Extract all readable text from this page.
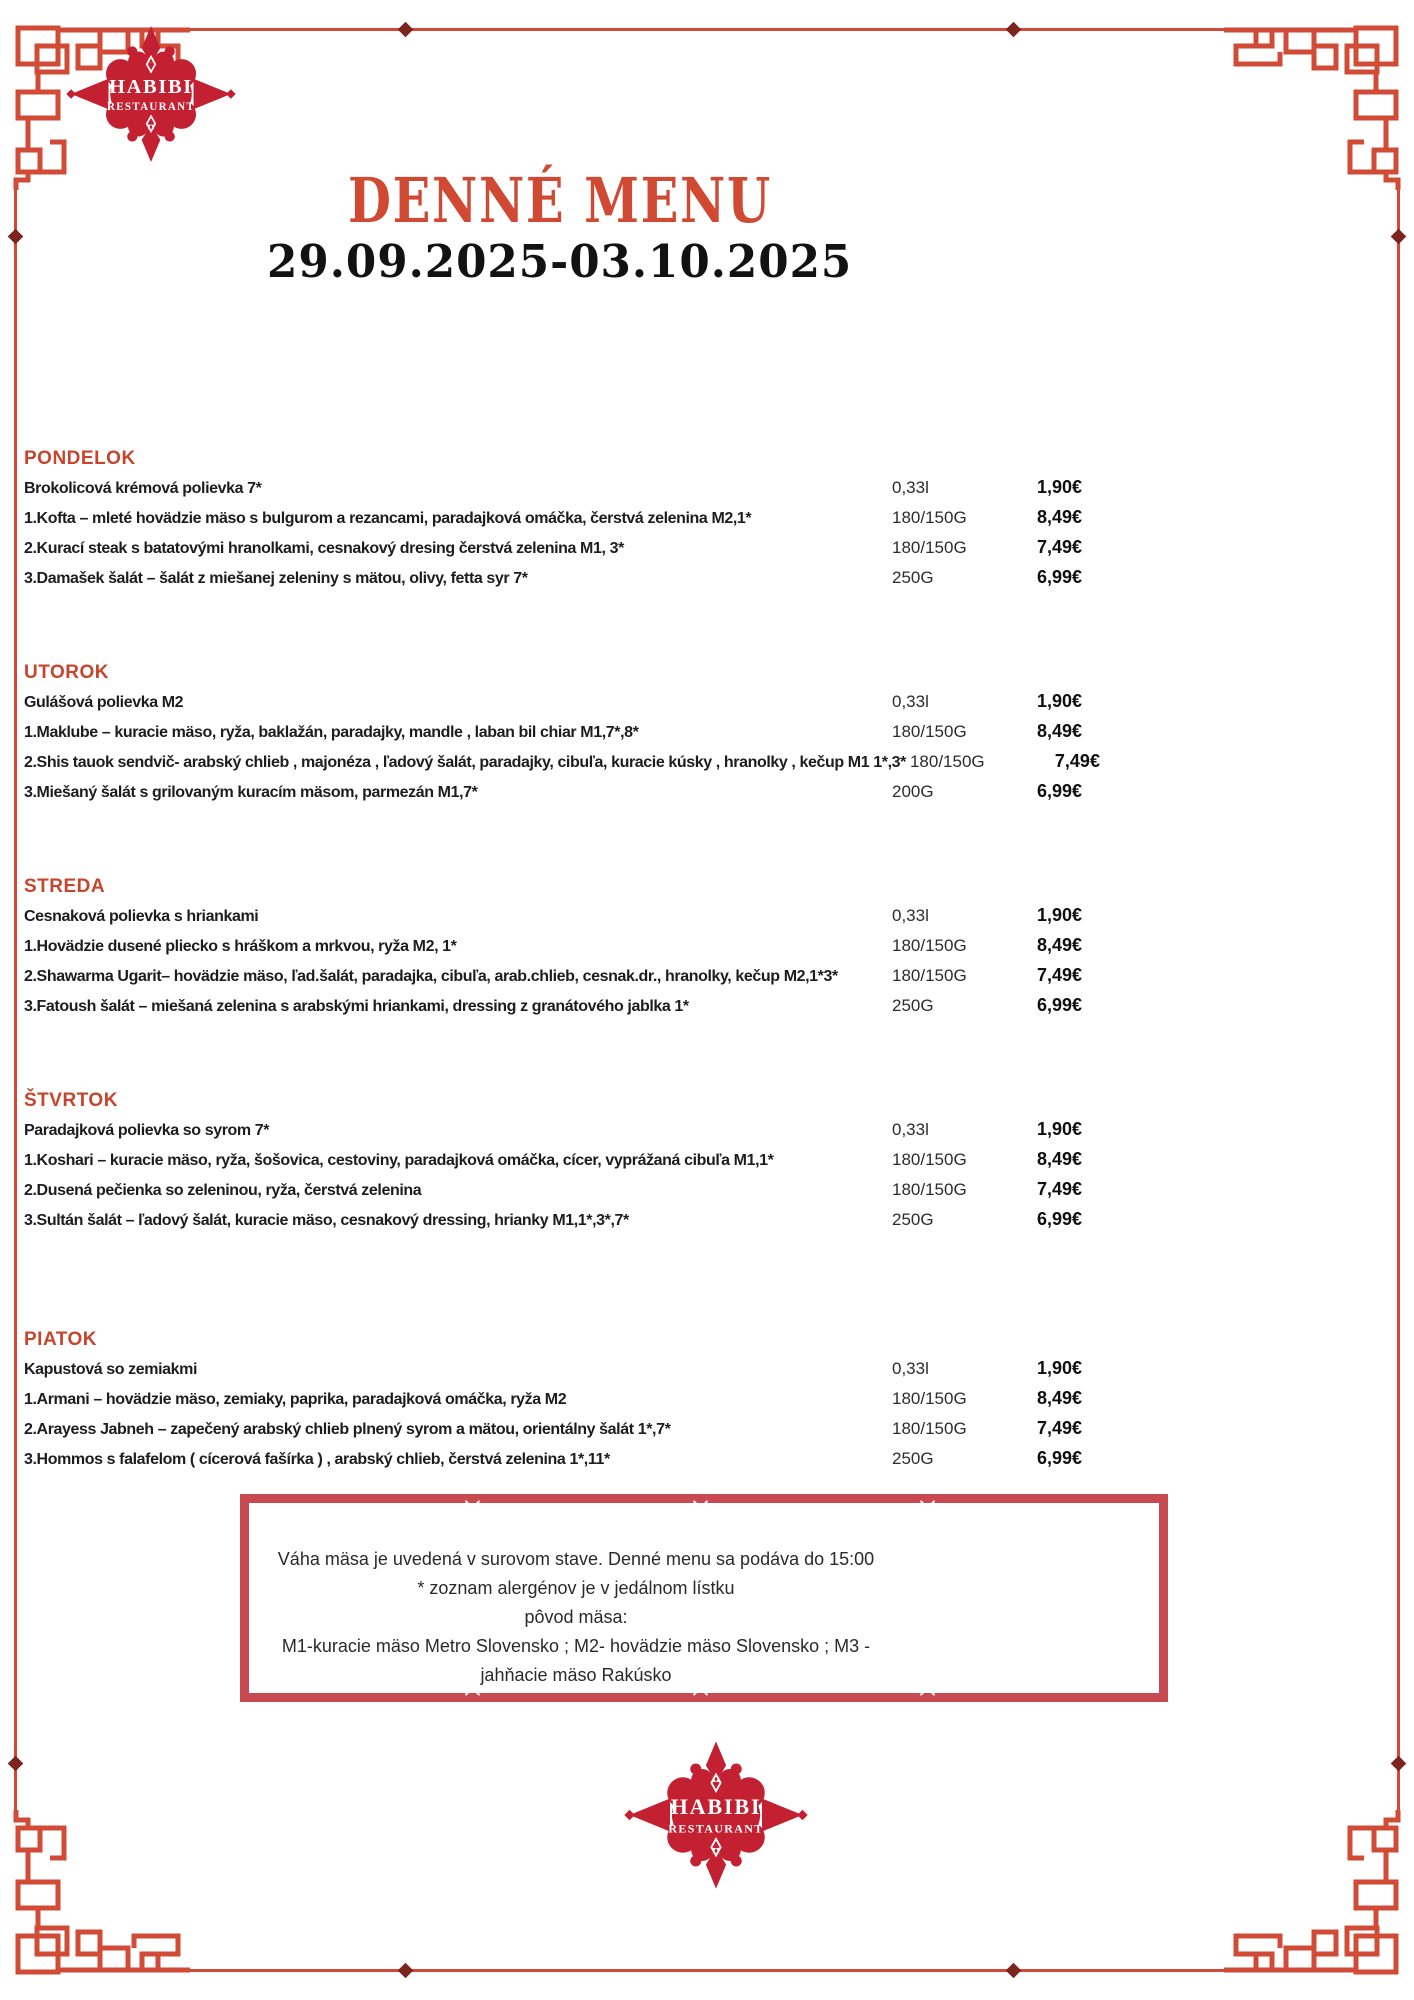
HABIBI
RESTAURANT
DENNÉ MENU
29.09.2025-03.10.2025
PONDELOK
Brokolicová krémová polievka 7*	0,33l	1,90€
1.Kofta – mleté hovädzie mäso s bulgurom a rezancami, paradajková omáčka, čerstvá zelenina M2,1*	180/150G	8,49€
2.Kurací steak s batatovými hranolkami, cesnakový dresing čerstvá zelenina M1, 3*	180/150G	7,49€
3.Damašek šalát – šalát z miešanej zeleniny s mätou, olivy, fetta syr 7*	250G	6,99€
UTOROK
Gulášová polievka M2	0,33l	1,90€
1.Maklube – kuracie mäso, ryža, baklažán, paradajky, mandle , laban bil chiar M1,7*,8*	180/150G	8,49€
2.Shis tauok sendvič- arabský chlieb , majonéza , ľadový šalát, paradajky, cibuľa, kuracie kúsky , hranolky , kečup M1 1*,3* 180/150G	7,49€
3.Miešaný šalát s grilovaným kuracím mäsom, parmezán M1,7*	200G	6,99€
STREDA
Cesnaková polievka s hriankami	0,33l	1,90€
1.Hovädzie dusené pliecko s hráškom a mrkvou, ryža M2, 1*	180/150G	8,49€
2.Shawarma Ugarit– hovädzie mäso, ľad.šalát, paradajka, cibuľa, arab.chlieb, cesnak.dr., hranolky, kečup M2,1*3*	180/150G	7,49€
3.Fatoush šalát – miešaná zelenina s arabskými hriankami, dressing z granátového jablka 1*	250G	6,99€
ŠTVRTOK
Paradajková polievka so syrom 7*	0,33l	1,90€
1.Koshari – kuracie mäso, ryža, šošovica, cestoviny, paradajková omáčka, cícer, vyprážaná cibuľa M1,1*	180/150G	8,49€
2.Dusená pečienka so zeleninou, ryža, čerstvá zelenina	180/150G	7,49€
3.Sultán šalát – ľadový šalát, kuracie mäso, cesnakový dressing, hrianky M1,1*,3*,7*	250G	6,99€
PIATOK
Kapustová so zemiakmi	0,33l	1,90€
1.Armani – hovädzie mäso, zemiaky, paprika, paradajková omáčka, ryža M2	180/150G	8,49€
2.Arayess Jabneh – zapečený arabský chlieb plnený syrom a mätou, orientálny šalát 1*,7*	180/150G	7,49€
3.Hommos s falafelom ( cícerová fašírka ) , arabský chlieb, čerstvá zelenina 1*,11*	250G	6,99€
Váha mäsa je uvedená v surovom stave. Denné menu sa podáva do 15:00
* zoznam alergénov je v jedálnom lístku
pôvod mäsa:
M1-kuracie mäso Metro Slovensko ; M2- hovädzie mäso Slovensko ; M3 - jahňacie mäso Rakúsko
